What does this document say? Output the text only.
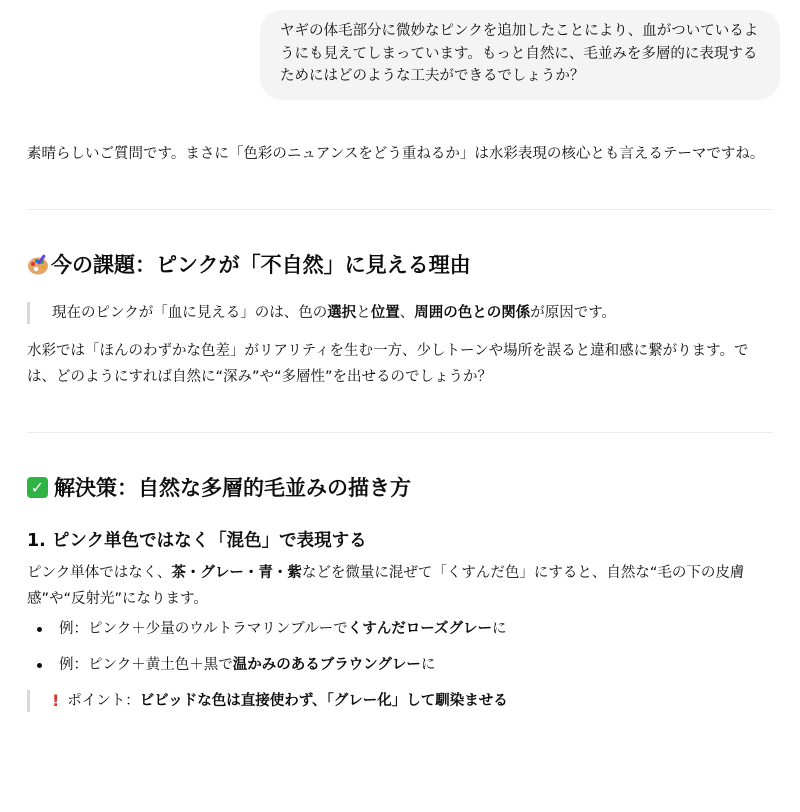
ヤギの体毛部分に微妙なピンクを追加したことにより、血がついているようにも見えてしまっています。もっと自然に、毛並みを多層的に表現するためにはどのような工夫ができるでしょうか？

素晴らしいご質問です。まさに「色彩のニュアンスをどう重ねるか」は水彩表現の核心とも言えるテーマですね。

今の課題：ピンクが「不自然」に見える理由
現在のピンクが「血に見える」のは、色の選択と位置、周囲の色との関係が原因です。

水彩では「ほんのわずかな色差」がリアリティを生む一方、少しトーンや場所を誤ると違和感に繋がります。では、どのようにすれば自然に“深み”や“多層性”を出せるのでしょうか？

✓ 解決策：自然な多層的毛並みの描き方
1. ピンク単色ではなく「混色」で表現する

ピンク単体ではなく、茶・グレー・青・紫などを微量に混ぜて「くすんだ色」にすると、自然な“毛の下の皮膚感”や“反射光”になります。

例：ピンク＋少量のウルトラマリンブルーでくすんだローズグレーに
例：ピンク＋黄土色＋黒で温かみのあるブラウングレーに
! ポイント： ビビッドな色は直接使わず、「グレー化」して馴染ませる
